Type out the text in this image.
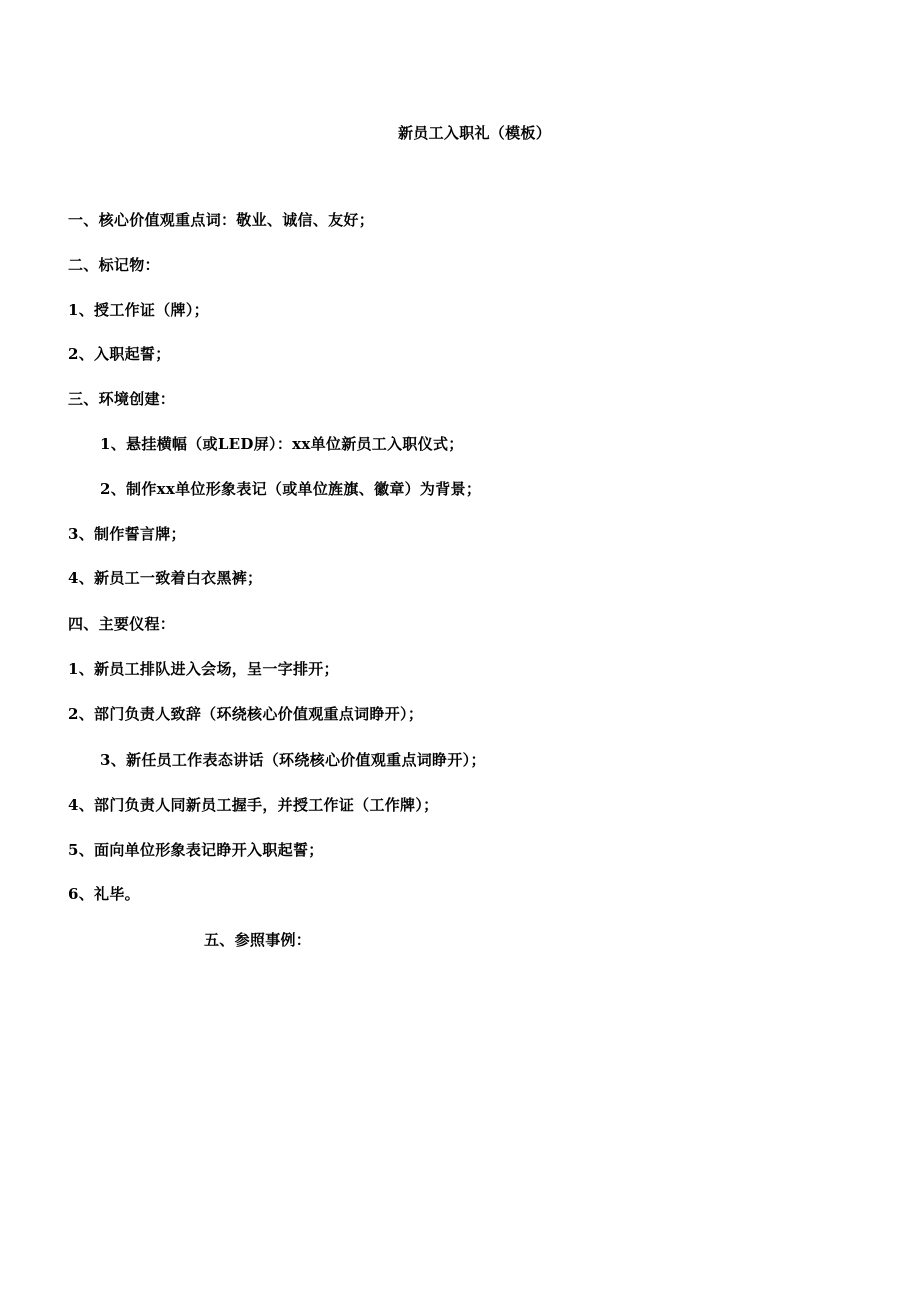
新员工入职礼（模板）
一、核心价值观重点词：敬业、诚信、友好；
二、标记物：
1、授工作证（牌）；
2、入职起誓；
三、环境创建：
1、悬挂横幅（或LED屏）：xx单位新员工入职仪式；
2、制作xx单位形象表记（或单位旌旗、徽章）为背景；
3、制作誓言牌；
4、新员工一致着白衣黑裤；
四、主要仪程：
1、新员工排队进入会场，呈一字排开；
2、部门负责人致辞（环绕核心价值观重点词睁开）；
3、新任员工作表态讲话（环绕核心价值观重点词睁开）；
4、部门负责人同新员工握手，并授工作证（工作牌）；
5、面向单位形象表记睁开入职起誓；
6、礼毕。
五、参照事例：
